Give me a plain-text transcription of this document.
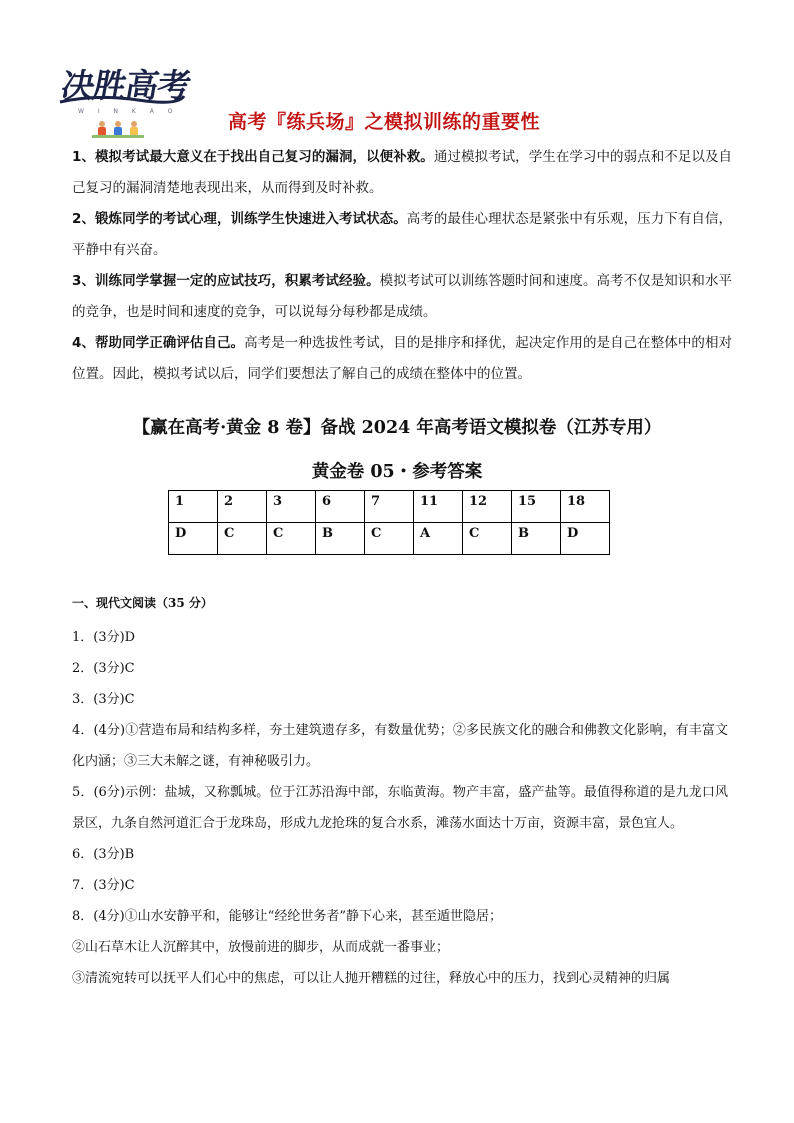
决胜高考
W I N K A O	高考『练兵场』之模拟训练的重要性

1、模拟考试最大意义在于找出自己复习的漏洞，以便补救。通过模拟考试，学生在学习中的弱点和不足以及自己复习的漏洞清楚地表现出来，从而得到及时补救。

2、锻炼同学的考试心理，训练学生快速进入考试状态。高考的最佳心理状态是紧张中有乐观，压力下有自信，平静中有兴奋。

3、训练同学掌握一定的应试技巧，积累考试经验。模拟考试可以训练答题时间和速度。高考不仅是知识和水平的竞争，也是时间和速度的竞争，可以说每分每秒都是成绩。

4、帮助同学正确评估自己。高考是一种选拔性考试，目的是排序和择优，起决定作用的是自己在整体中的相对位置。因此，模拟考试以后，同学们要想法了解自己的成绩在整体中的位置。

【赢在高考·黄金 8 卷】备战 2024 年高考语文模拟卷（江苏专用）
黄金卷 05・参考答案
1	2	3	6	7	11	12	15	18
D	C	C	B	C	A	C	B	D
一、现代文阅读（35 分）

1．(3分)D

2．(3分)C

3．(3分)C

4．(4分)①营造布局和结构多样，夯土建筑遗存多，有数量优势；②多民族文化的融合和佛教文化影响，有丰富文化内涵；③三大未解之谜，有神秘吸引力。

5．(6分)示例：盐城，又称瓢城。位于江苏沿海中部，东临黄海。物产丰富，盛产盐等。最值得称道的是九龙口风景区，九条自然河道汇合于龙珠岛，形成九龙抢珠的复合水系，滩荡水面达十万亩，资源丰富，景色宜人。

6．(3分)B

7．(3分)C

8．(4分)①山水安静平和，能够让“经纶世务者”静下心来，甚至遁世隐居；

②山石草木让人沉醉其中，放慢前进的脚步，从而成就一番事业；

③清流宛转可以抚平人们心中的焦虑，可以让人抛开糟糕的过往，释放心中的压力，找到心灵精神的归属
